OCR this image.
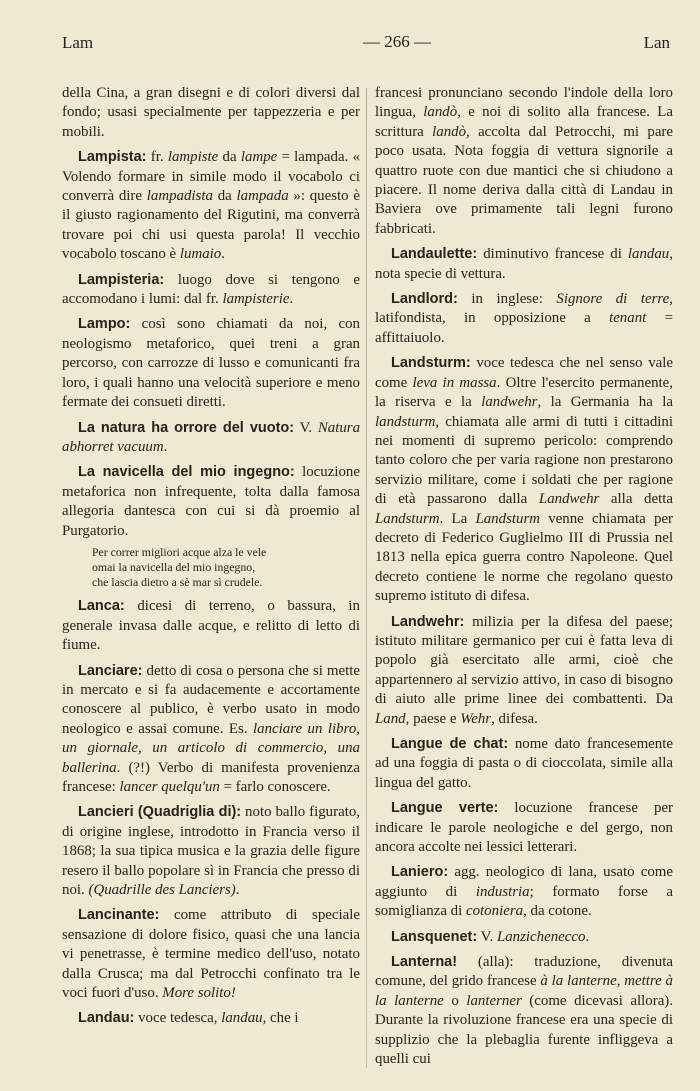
Lam	— 266 —	Lan

della Cina, a gran disegni e di colori diversi dal fondo; usasi specialmente per tappezzeria e per mobili.

Lampista: fr. lampiste da lampe = lampada. « Volendo formare in simile modo il vocabolo ci converrà dire lampadista da lampada »: questo è il giusto ragionamento del Rigutini, ma converrà trovare poi chi usi questa parola! Il vecchio vocabolo toscano è lumaio.

Lampisteria: luogo dove si tengono e accomodano i lumi: dal fr. lampisterie.

Lampo: così sono chiamati da noi, con neologismo metaforico, quei treni a gran percorso, con carrozze di lusso e comunicanti fra loro, i quali hanno una velocità superiore e meno fermate dei consueti diretti.

La natura ha orrore del vuoto: V. Natura abhorret vacuum.

La navicella del mio ingegno: locuzione metaforica non infrequente, tolta dalla famosa allegoria dantesca con cui si dà proemio al Purgatorio.

Per correr migliori acque alza le vele
omai la navicella del mio ingegno,
che lascia dietro a sè mar sì crudele.

Lanca: dicesi di terreno, o bassura, in generale invasa dalle acque, e relitto di letto di fiume.

Lanciare: detto di cosa o persona che si mette in mercato e si fa audacemente e accortamente conoscere al publico, è verbo usato in modo neologico e assai comune. Es. lanciare un libro, un giornale, un articolo di commercio, una ballerina. (?!) Verbo di manifesta provenienza francese: lancer quelqu'un = farlo conoscere.

Lancieri (Quadriglia di): noto ballo figurato, di origine inglese, introdotto in Francia verso il 1868; la sua tipica musica e la grazia delle figure resero il ballo popolare sì in Francia che presso di noi. (Quadrille des Lanciers).

Lancinante: come attributo di speciale sensazione di dolore fisico, quasi che una lancia vi penetrasse, è termine medico dell'uso, notato dalla Crusca; ma dal Petrocchi confinato tra le voci fuori d'uso. More solito!

Landau: voce tedesca, landau, che i

francesi pronunciano secondo l'indole della loro lingua, landò, e noi di solito alla francese. La scrittura landò, accolta dal Petrocchi, mi pare poco usata. Nota foggia di vettura signorile a quattro ruote con due mantici che si chiudono a piacere. Il nome deriva dalla città di Landau in Baviera ove primamente tali legni furono fabbricati.

Landaulette: diminutivo francese di landau, nota specie di vettura.

Landlord: in inglese: Signore di terre, latifondista, in opposizione a tenant = affittaiuolo.

Landsturm: voce tedesca che nel senso vale come leva in massa. Oltre l'esercito permanente, la riserva e la landwehr, la Germania ha la landsturm, chiamata alle armi di tutti i cittadini nei momenti di supremo pericolo: comprendo tanto coloro che per varia ragione non prestarono servizio militare, come i soldati che per ragione di età passarono dalla Landwehr alla detta Landsturm. La Landsturm venne chiamata per decreto di Federico Guglielmo III di Prussia nel 1813 nella epica guerra contro Napoleone. Quel decreto contiene le norme che regolano questo supremo istituto di difesa.

Landwehr: milizia per la difesa del paese; istituto militare germanico per cui è fatta leva di popolo già esercitato alle armi, cioè che appartennero al servizio attivo, in caso di bisogno di aiuto alle prime linee dei combattenti. Da Land, paese e Wehr, difesa.

Langue de chat: nome dato francesemente ad una foggia di pasta o di cioccolata, simile alla lingua del gatto.

Langue verte: locuzione francese per indicare le parole neologiche e del gergo, non ancora accolte nei lessici letterari.

Laniero: agg. neologico di lana, usato come aggiunto di industria; formato forse a somiglianza di cotoniera, da cotone.

Lansquenet: V. Lanzichenecco.

Lanterna! (alla): traduzione, divenuta comune, del grido francese à la lanterne, mettre à la lanterne o lanterner (come dicevasi allora). Durante la rivoluzione francese era una specie di supplizio che la plebaglia furente infliggeva a quelli cui
